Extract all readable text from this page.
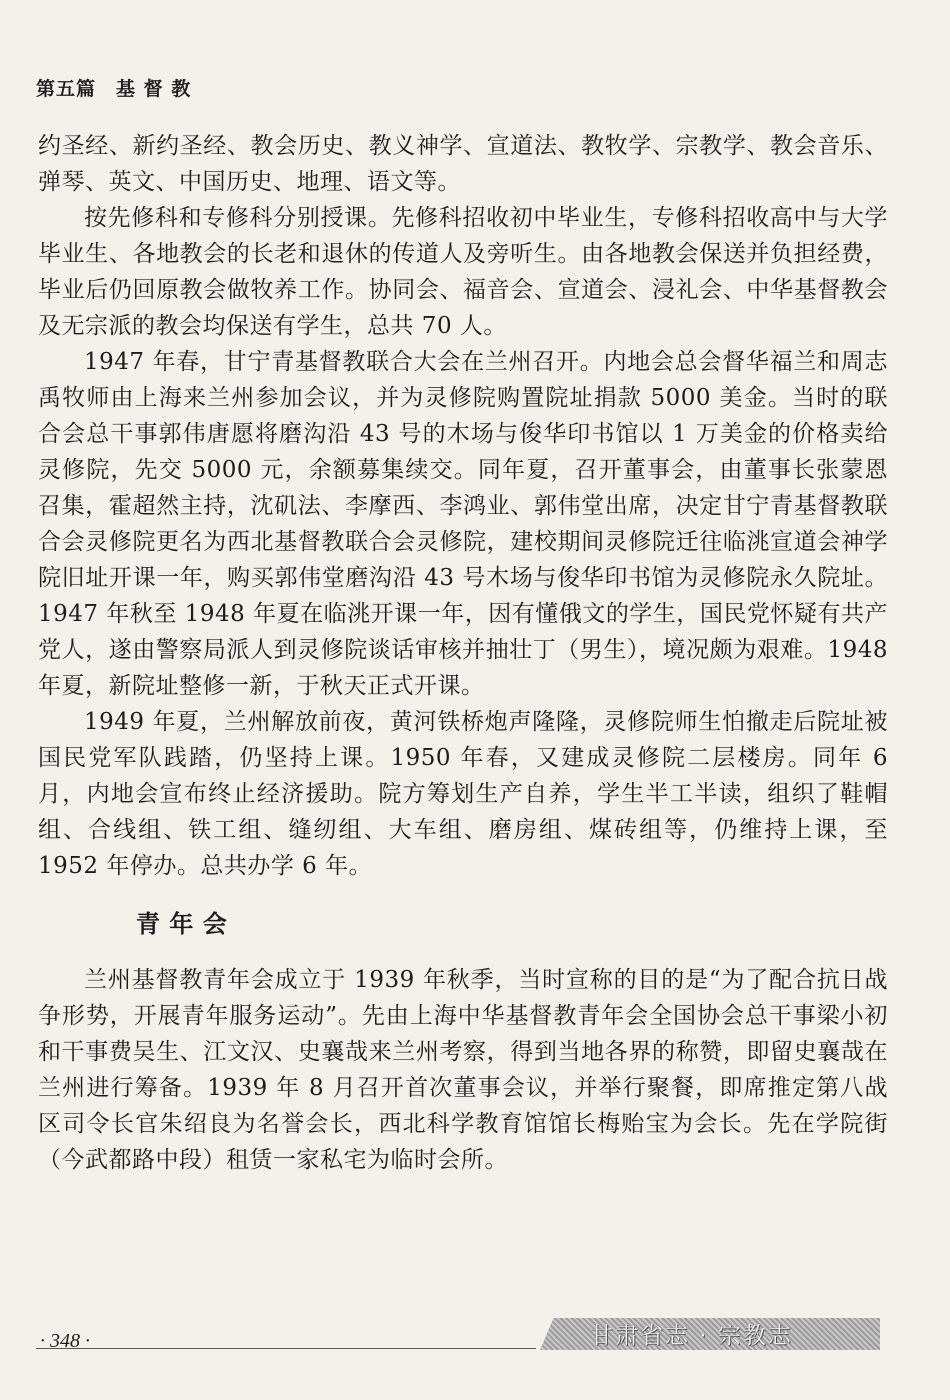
第五篇　基 督 教

约圣经、新约圣经、教会历史、教义神学、宣道法、教牧学、宗教学、教会音乐、弹琴、英文、中国历史、地理、语文等。

按先修科和专修科分别授课。先修科招收初中毕业生，专修科招收高中与大学毕业生、各地教会的长老和退休的传道人及旁听生。由各地教会保送并负担经费，毕业后仍回原教会做牧养工作。协同会、福音会、宣道会、浸礼会、中华基督教会及无宗派的教会均保送有学生，总共 70 人。

1947 年春，甘宁青基督教联合大会在兰州召开。内地会总会督华福兰和周志禹牧师由上海来兰州参加会议，并为灵修院购置院址捐款 5000 美金。当时的联合会总干事郭伟唐愿将磨沟沿 43 号的木场与俊华印书馆以 1 万美金的价格卖给灵修院，先交 5000 元，余额募集续交。同年夏，召开董事会，由董事长张蒙恩召集，霍超然主持，沈矶法、李摩西、李鸿业、郭伟堂出席，决定甘宁青基督教联合会灵修院更名为西北基督教联合会灵修院，建校期间灵修院迁往临洮宣道会神学院旧址开课一年，购买郭伟堂磨沟沿 43 号木场与俊华印书馆为灵修院永久院址。1947 年秋至 1948 年夏在临洮开课一年，因有懂俄文的学生，国民党怀疑有共产党人，遂由警察局派人到灵修院谈话审核并抽壮丁（男生），境况颇为艰难。1948 年夏，新院址整修一新，于秋天正式开课。

1949 年夏，兰州解放前夜，黄河铁桥炮声隆隆，灵修院师生怕撤走后院址被国民党军队践踏，仍坚持上课。1950 年春，又建成灵修院二层楼房。同年 6 月，内地会宣布终止经济援助。院方筹划生产自养，学生半工半读，组织了鞋帽组、合线组、铁工组、缝纫组、大车组、磨房组、煤砖组等，仍维持上课，至 1952 年停办。总共办学 6 年。

青 年 会

兰州基督教青年会成立于 1939 年秋季，当时宣称的目的是“为了配合抗日战争形势，开展青年服务运动”。先由上海中华基督教青年会全国协会总干事梁小初和干事费吴生、江文汉、史襄哉来兰州考察，得到当地各界的称赞，即留史襄哉在兰州进行筹备。1939 年 8 月召开首次董事会议，并举行聚餐，即席推定第八战区司令长官朱绍良为名誉会长，西北科学教育馆馆长梅贻宝为会长。先在学院街（今武都路中段）租赁一家私宅为临时会所。

· 348 ·	甘肃省志 · 宗教志
